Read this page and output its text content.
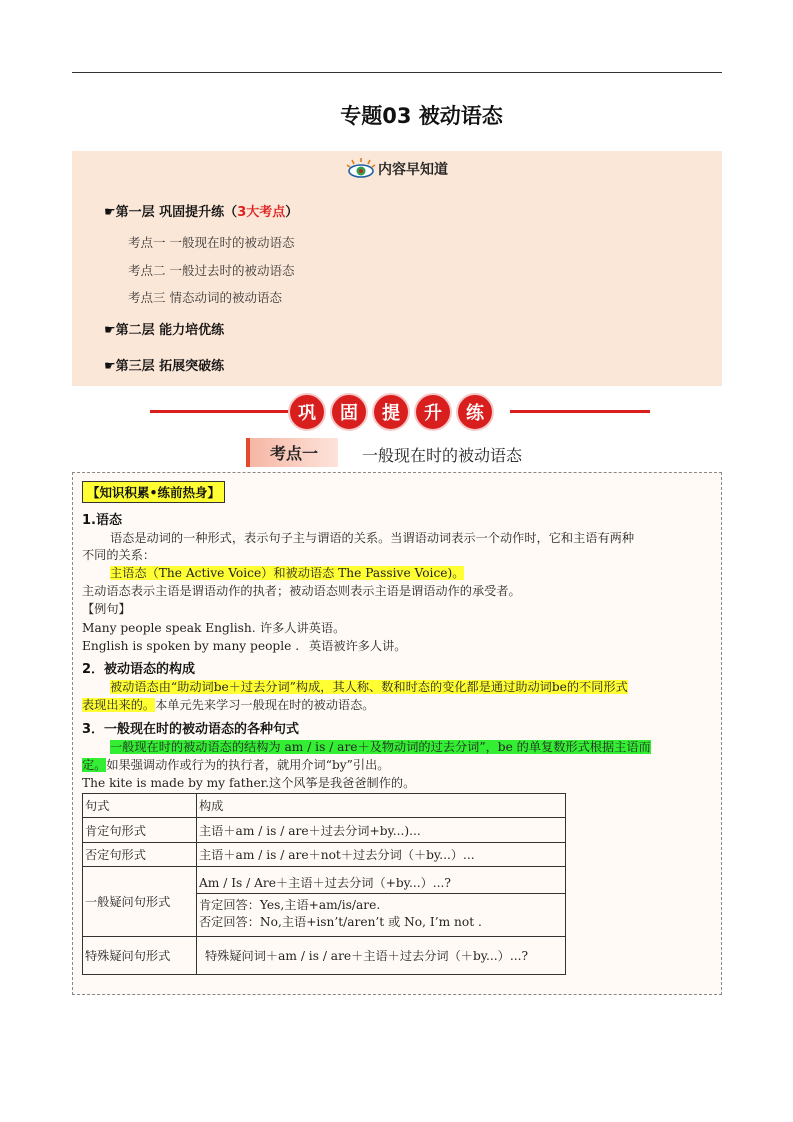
专题03 被动语态
内容早知道
☛第一层 巩固提升练（3大考点）
考点一 一般现在时的被动语态
考点二 一般过去时的被动语态
考点三 情态动词的被动语态
☛第二层 能力培优练
☛第三层 拓展突破练
巩	固	提	升	练
考点一	一般现在时的被动语态
【知识积累•练前热身】
1.语态
语态是动词的一种形式，表示句子主与谓语的关系。当谓语动词表示一个动作时，它和主语有两种
不同的关系：
主语态（The Active Voice）和被动语态 The Passive Voice)。
主动语态表示主语是谓语动作的执者；被动语态则表示主语是谓语动作的承受者。
【例句】
Many people speak English. 许多人讲英语。
English is spoken by many people . 英语被许多人讲。
2．被动语态的构成
被动语态由“助动词be＋过去分词”构成，其人称、数和时态的变化都是通过助动词be的不同形式
表现出来的。本单元先来学习一般现在时的被动语态。
3．一般现在时的被动语态的各种句式
一般现在时的被动语态的结构为 am / is / are＋及物动词的过去分词”，be 的单复数形式根据主语而
定。如果强调动作或行为的执行者，就用介词“by”引出。
The kite is made by my father.这个风筝是我爸爸制作的。
句式	构成
肯定句形式	主语＋am / is / are＋过去分词+by...)...
否定句形式	主语＋am / is / are＋not＋过去分词（＋by...）...
一般疑问句形式	Am / Is / Are＋主语＋过去分词（+by...）...?
肯定回答：Yes,主语+am/is/are.
否定回答：No,主语+isn’t/aren’t 或 No, I’m not .

特殊疑问句形式	特殊疑问词＋am / is / are＋主语＋过去分词（＋by...）...?
